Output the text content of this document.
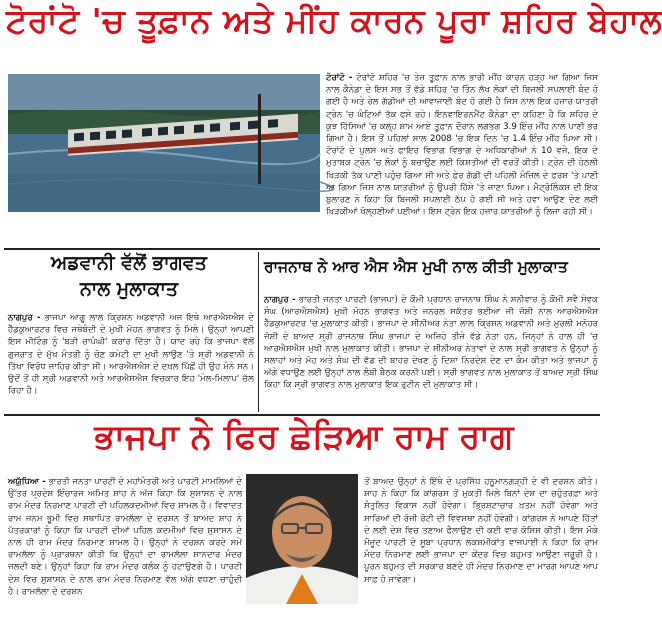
ਟੋਰਾਂਟੋ 'ਚ ਤੂਫ਼ਾਨ ਅਤੇ ਮੀਂਹ ਕਾਰਨ ਪੂਰਾ ਸ਼ਹਿਰ ਬੇਹਾਲ
ਟੋਰਾਂਟੋ - ਟੋਰਾਂਟੋ ਸ਼ਹਿਰ 'ਚ ਤੇਜ਼ ਤੂਫ਼ਾਨ ਨਾਲ ਭਾਰੀ ਮੀਂਹ ਕਾਰਨ ਹੜ੍ਹ ਆ ਗਿਆ ਜਿਸ ਨਾਲ ਕੈਨੇਡਾ ਦੇ ਇਸ ਸਭ ਤੋਂ ਵੱਡੇ ਸ਼ਹਿਰ 'ਚ ਤਿੰਨ ਲੱਖ ਲੋਕਾਂ ਦੀ ਬਿਜਲੀ ਸਪਲਾਈ ਬੰਦ ਹੋ ਗਈ ਹੈ ਅਤੇ ਰੇਲ ਗੱਡੀਆਂ ਦੀ ਆਵਾਜਾਈ ਬੰਦ ਹੋ ਗਈ ਹੈ ਜਿਸ ਨਾਲ ਇਕ ਹਜ਼ਾਰ ਯਾਤਰੀ ਟ੍ਰੇਨ 'ਚ ਘੰਟਿਆਂ ਤੱਕ ਫਸੇ ਰਹੇ। ਇਨਵਾਇਰਨਮੈਂਟ ਕੈਨੇਡਾ ਦਾ ਕਹਿਣਾ ਹੈ ਕਿ ਸ਼ਹਿਰ ਦੇ ਕੁਝ ਹਿੱਸਿਆਂ 'ਚ ਕਲ੍ਹ ਸ਼ਾਮ ਆਏ ਤੂਫ਼ਾਨ ਦੌਰਾਨ ਲਗਭਗ 3.9 ਇੰਚ ਮੀਂਹ ਨਾਲ ਪਾਣੀ ਭਰ ਗਿਆ ਹੈ। ਇਸ ਤੋਂ ਪਹਿਲਾਂ ਸਾਲ 2008 'ਚ ਇਕ ਦਿਨ 'ਚ 1.4 ਇੰਚ ਮੀਂਹ ਪਿਆ ਸੀ। ਟੋਰਾਂਟੋ ਦੇ ਪੁਲਸ ਅਤੇ ਫਾਇਰ ਵਿਭਾਗ ਵਿਭਾਗ ਦੇ ਅਧਿਕਾਰੀਆਂ ਨੇ 10 ਵਜੇ, ਇਕ ਦੇ ਮੁਤਾਬਕ ਟ੍ਰੇਨ 'ਚ ਲੋਕਾਂ ਨੂੰ ਬਚਾਉਣ ਲਈ ਕਿਸ਼ਤੀਆਂ ਦੀ ਵਰਤੋਂ ਕੀਤੀ। ਟ੍ਰੇਨ ਦੀ ਹੇਠਲੀ ਖਿੜਕੀ ਤੱਕ ਪਾਣੀ ਪਹੁੰਚ ਗਿਆ ਸੀ ਅਤੇ ਫੇਰ ਗੱਡੀ ਦੀ ਪਹਿਲੀ ਮੰਜ਼ਿਲ ਦੇ ਫਰਸ਼ 'ਤੇ ਪਾਣੀ ਆ ਗਿਆ ਜਿਸ ਨਾਲ ਯਾਤਰੀਆਂ ਨੂੰ ਉਪਰੀ ਹਿੱਸੇ 'ਤੇ ਜਾਣਾ ਪਿਆ। ਮੈਟ੍ਰੋਲਿੰਕਸ ਦੀ ਇਕ ਬੁਲਾਰਣ ਨੇ ਕਿਹਾ ਕਿ ਬਿਜਲੀ ਸਪਲਾਈ ਠੱਪ ਹੋ ਗਈ ਸੀ ਅਤੇ ਹਵਾ ਆਉਣ ਦੇਣ ਲਈ ਖਿੜਕੀਆਂ ਖੋਲ੍ਹਣੀਆਂ ਪਈਆਂ। ਇਸ ਟ੍ਰੇਨ ਇਕ ਹਜ਼ਾਰ ਯਾਤਰੀਆਂ ਨੂੰ ਲਿਜਾ ਰਹੀ ਸੀ।
ਅਡਵਾਨੀ ਵੱਲੋਂ ਭਾਗਵਤ
ਨਾਲ ਮੁਲਾਕਾਤ
ਨਾਗਪੁਰ - ਭਾਜਪਾ ਆਗੂ ਲਾਲ ਕ੍ਰਿਸ਼ਨ ਅਡਵਾਨੀ ਅਜ ਇਥੇ ਆਰਐਸਐਸ ਦੇ ਹੈੱਡਕੁਆਰਟਰ ਵਿਚ ਜਥੇਬੰਦੀ ਦੇ ਮੁਖੀ ਮੋਹਨ ਭਾਗਵਤ ਨੂੰ ਮਿਲੇ। ਉਨ੍ਹਾਂ ਆਪਣੀ ਇਸ ਮੀਟਿੰਗ ਨੂੰ 'ਬੜੀ ਚਾਪੰਘੀ' ਕਰਾਰ ਦਿੱਤਾ ਹੈ। ਯਾਦ ਰਹੇ ਕਿ ਭਾਜਪਾ ਵੱਲੋਂ ਗੁਜਰਾਤ ਦੇ ਮੁੱਖ ਮੰਤਰੀ ਨੂੰ ਚੋਣ ਕਮੇਟੀ ਦਾ ਮੁਖੀ ਲਾਉਣ 'ਤੇ ਸ੍ਰੀ ਅਡਵਾਨੀ ਨੇ ਤਿੱਖਾ ਵਿਰੋਧ ਜ਼ਾਹਿਰ ਕੀਤਾ ਸੀ। ਆਰਐਸਐਸ ਦੇ ਦਖ਼ਲ ਪਿੱਛੋਂ ਹੀ ਉਹ ਮੰਨੇ ਸਨ। ਉਦੋਂ ਤੋਂ ਹੀ ਸ੍ਰੀ ਅਡਵਾਨੀ ਅਤੇ ਆਰਐਸਐਸ ਵਿਚਕਾਰ ਇਹ 'ਮੇਲ-ਮਿਲਾਪ' ਚੱਲ ਰਿਹਾ ਹੈ।
ਰਾਜਨਾਥ ਨੇ ਆਰ ਐਸ ਐਸ ਮੁਖੀ ਨਾਲ ਕੀਤੀ ਮੁਲਾਕਾਤ
ਨਾਗਪੁਰ - ਭਾਰਤੀ ਜਨਤਾ ਪਾਰਟੀ (ਭਾਜਪਾ) ਦੇ ਕੌਮੀ ਪ੍ਰਧਾਨ ਰਾਜਨਾਥ ਸਿੰਘ ਨੇ ਸ਼ਨੀਵਾਰ ਨੂੰ ਕੌਮੀ ਸਵੈ ਸੇਵਕ ਸੰਘ (ਆਰਐਸਐਸ) ਮੁਖੀ ਮੋਹਨ ਭਾਗਵਤ ਅਤੇ ਜਨਰਲ ਸਕੱਤਰ ਭਈਆ ਜੀ ਜੋਸ਼ੀ ਨਾਲ ਆਰਐਸਐਸ ਹੈੱਡਕੁਆਰਟਰ 'ਚ ਮੁਲਾਕਾਤ ਕੀਤੀ। ਭਾਜਪਾ ਦੇ ਸੀਨੀਅਰ ਨੇਤਾ ਲਾਲ ਕ੍ਰਿਸ਼ਨ ਅਡਵਾਨੀ ਅਤੇ ਮੁਰਲੀ ਮਨੋਹਰ ਜੋਸ਼ੀ ਦੇ ਬਾਅਦ ਸ੍ਰੀ ਰਾਜਨਾਥ ਸਿੰਘ ਭਾਜਪਾ ਦੇ ਅਜਿਹੇ ਤੀਜੇ ਵੱਡੇ ਨੇਤਾ ਹਨ, ਜਿਨ੍ਹਾਂ ਨੇ ਹਾਲ ਹੀ 'ਚ ਆਰਐਸਐਸ ਮੁਖੀ ਨਾਲ ਮੁਲਾਕਾਤ ਕੀਤੀ। ਭਾਜਪਾ ਦੇ ਸੀਨੀਅਰ ਨੇਤਾਵਾਂ ਦੇ ਨਾਲ ਸ੍ਰੀ ਭਾਗਵਤ ਨੇ ਉਨ੍ਹਾਂ ਨੂੰ ਸਲਾਹਾਂ ਅਤੇ ਮੋਹ ਅਤੇ ਸੰਘ ਦੀ ਵੱਡ ਦੀ ਬਾਹਰ ਦੇਖਣ ਨੂੰ ਦਿਸ਼ਾ ਨਿਰਦੇਸ਼ ਦੇਣ ਦਾ ਕੰਮ ਕੀਤਾ ਅਤੇ ਭਾਜਪਾ ਨੂੰ ਅੱਗੇ ਵਧਾਉਣ ਲਈ ਉਨ੍ਹਾਂ ਨਾਲ ਲੰਬੀ ਬੈਠਕ ਕਰਨੀ ਪਈ। ਸ੍ਰੀ ਭਾਗਵਤ ਨਾਲ ਮੁਲਾਕਾਤ ਤੋਂ ਬਾਅਦ ਸ੍ਰੀ ਸਿੰਘ ਕਿਹਾ ਕਿ ਸ੍ਰੀ ਭਾਗਵਤ ਨਾਲ ਮੁਲਾਕਾਤ ਇਕ ਰੁਟੀਨ ਦੀ ਮੁਲਾਕਾਤ ਸੀ।
ਭਾਜਪਾ ਨੇ ਫਿਰ ਛੇੜਿਆ ਰਾਮ ਰਾਗ
ਅਯੁੱਧਿਆ - ਭਾਰਤੀ ਜਨਤਾ ਪਾਰਟੀ ਦੇ ਮਹਾਂਮੰਤਰੀ ਅਤੇ ਪਾਰਟੀ ਮਾਮਲਿਆਂ ਦੇ ਉੱਤਰ ਪ੍ਰਦੇਸ਼ ਇੰਚਾਰਜ ਅਮਿਤ ਸ਼ਾਹ ਨੇ ਅੱਜ ਕਿਹਾ ਕਿ ਸੁਸ਼ਾਸਨ ਦੇ ਨਾਲ ਰਾਮ ਮੰਦਰ ਨਿਰਮਾਣ ਪਾਰਟੀ ਦੀ ਪਹਿਲਕਦਮੀਆਂ ਵਿਚ ਸ਼ਾਮਲ ਹੈ। ਵਿਵਾਦਤ ਰਾਮ ਜਨਮ ਭੂਮੀ ਵਿਚ ਸਥਾਪਿਤ ਰਾਮਲੱਲਾ ਦੇ ਦਰਸ਼ਨ ਤੋਂ ਬਾਅਦ ਸ਼ਾਹ ਨੇ ਪੱਤਰਕਾਰਾਂ ਨੂੰ ਕਿਹਾ ਕਿ ਪਾਰਟੀ ਦੀਆਂ ਪਹਿਲ ਕਦਮੀਆਂ ਵਿਚ ਸੁਸ਼ਾਸਨ ਦੇ ਨਾਲ ਹੀ ਰਾਮ ਮੰਦਰ ਨਿਰਮਾਣ ਸ਼ਾਮਲ ਹੈ। ਉਨ੍ਹਾਂ ਨੇ ਦਰਸ਼ਨ ਕਰਦੇ ਸਮੇਂ ਰਾਮਲੱਲਾ ਨੂੰ ਪ੍ਰਾਰਥਨਾ ਕੀਤੀ ਕਿ ਉਨ੍ਹਾਂ ਦਾ ਰਾਮਲੱਲਾ ਸ਼ਾਨਦਾਰ ਮੰਦਰ ਜਲਦੀ ਬਣੇ। ਉਨ੍ਹਾਂ ਕਿਹਾ ਕਿ ਰਾਮ ਮੰਦਰ ਕਲੰਕ ਨੂੰ ਹਟਾਉਣਗੇ ਹੈ। ਪਾਰਟੀ ਦੇਸ਼ ਵਿਚ ਸੁਸ਼ਾਸਨ ਦੇ ਨਾਲ ਰਾਮ ਮੰਦਰ ਨਿਰਮਾਣ ਵੱਲ ਅੱਗੇ ਵਧਣਾ ਚਾਹੁੰਦੀ ਹੈ। ਰਾਮਲੱਲਾ ਦੇ ਦਰਸ਼ਨ
ਤੋਂ ਬਾਅਦ ਉਨ੍ਹਾਂ ਨੇ ਇੱਥੇ ਦੇ ਪ੍ਰਸਿੱਧ ਹਨੂਮਾਨਗੜ੍ਹੀ ਦੇ ਵੀ ਦਰਸ਼ਨ ਕੀਤੇ। ਸ਼ਾਹ ਨੇ ਕਿਹਾ ਕਿ ਕਾਂਗਰਸ ਤੋਂ ਮੁਕਤੀ ਮਿਲੇ ਬਿਨਾਂ ਦੇਸ਼ ਦਾ ਚਹੁੰਤਰਫ਼ਾ ਅਤੇ ਸੰਤੁਲਿਤ ਵਿਕਾਸ ਨਹੀਂ ਹੋਵੇਗਾ। ਭ੍ਰਿਸ਼ਟਾਚਾਰ ਖ਼ਤਮ ਨਹੀਂ ਹੋਵੇਗਾ ਅਤੇ ਸਾਰਿਆਂ ਦੀ ਰੋਜ਼ੀ ਰੋਟੀ ਦੀ ਵਿਵਸਥਾ ਨਹੀਂ ਹੋਵੇਗੀ। ਕਾਂਗਰਸ ਨੇ ਆਪਣੇ ਹਿੱਤਾਂ ਦੇ ਲਈ ਦੇਸ਼ ਵਿਚ ਤਣਾਅ ਫੈਲਾਉਣ ਦੀ ਕਈ ਵਾਰ ਕੋਸ਼ਿਸ਼ ਕੀਤੀ। ਇਸ ਮੌਕੇ ਮੌਜੂਦ ਪਾਰਟੀ ਦੇ ਸੂਬਾ ਪ੍ਰਧਾਨ ਲਕਸ਼ਮੀਕਾਂਤ ਵਾਜਪਾਈ ਨੇ ਕਿਹਾ ਕਿ ਰਾਮ ਮੰਦਰ ਨਿਰਮਾਣ ਲਈ ਭਾਜਪਾ ਦਾ ਕੇਂਦਰ ਵਿਚ ਬਹੁਮਤ ਆਉਣਾ ਜ਼ਰੂਰੀ ਹੈ। ਪੂਰਨ ਬਹੁਮਤ ਦੀ ਸਰਕਾਰ ਬਣਦੇ ਹੀ ਮੰਦਰ ਨਿਰਮਾਣ ਦਾ ਮਾਰਗ ਆਪਣੇ ਆਪ ਸਾਫ਼ ਹੋ ਜਾਵੇਗਾ।
